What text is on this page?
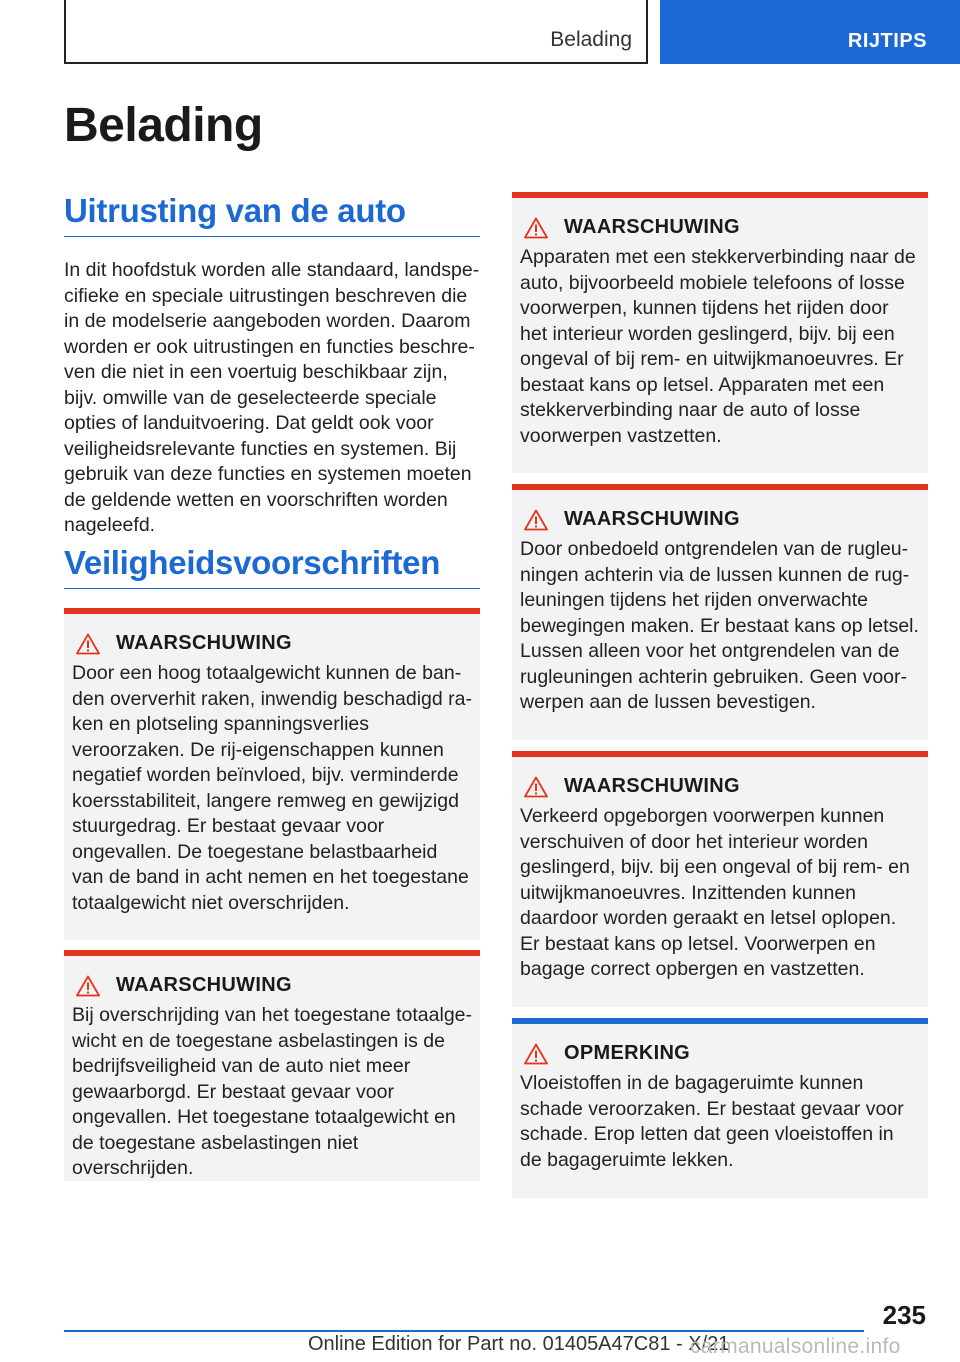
Belading	RIJTIPS
Belading
Uitrusting van de auto

In dit hoofdstuk worden alle standaard, landspecifieke en speciale uitrustingen beschreven die in de modelserie aangeboden worden. Daarom worden er ook uitrustingen en functies beschreven die niet in een voertuig beschikbaar zijn, bijv. omwille van de geselecteerde speciale opties of landuitvoering. Dat geldt ook voor veiligheidsrelevante functies en systemen. Bij gebruik van deze functies en systemen moeten de geldende wetten en voorschriften worden nageleefd.

Veiligheidsvoorschriften
WAARSCHUWING

Door een hoog totaalgewicht kunnen de banden oververhit raken, inwendig beschadigd raken en plotseling spanningsverlies veroorzaken. De rij-eigenschappen kunnen negatief worden beïnvloed, bijv. verminderde koersstabiliteit, langere remweg en gewijzigd stuurgedrag. Er bestaat gevaar voor ongevallen. De toegestane belastbaarheid van de band in acht nemen en het toegestane totaalgewicht niet overschrijden.

WAARSCHUWING

Bij overschrijding van het toegestane totaalgewicht en de toegestane asbelastingen is de bedrijfsveiligheid van de auto niet meer gewaarborgd. Er bestaat gevaar voor ongevallen. Het toegestane totaalgewicht en de toegestane asbelastingen niet overschrijden.

WAARSCHUWING

Apparaten met een stekkerverbinding naar de auto, bijvoorbeeld mobiele telefoons of losse voorwerpen, kunnen tijdens het rijden door het interieur worden geslingerd, bijv. bij een ongeval of bij rem- en uitwijkmanoeuvres. Er bestaat kans op letsel. Apparaten met een stekkerverbinding naar de auto of losse voorwerpen vastzetten.

WAARSCHUWING

Door onbedoeld ontgrendelen van de rugleuningen achterin via de lussen kunnen de rugleuningen tijdens het rijden onverwachte bewegingen maken. Er bestaat kans op letsel. Lussen alleen voor het ontgrendelen van de rugleuningen achterin gebruiken. Geen voorwerpen aan de lussen bevestigen.

WAARSCHUWING

Verkeerd opgeborgen voorwerpen kunnen verschuiven of door het interieur worden geslingerd, bijv. bij een ongeval of bij rem- en uitwijkmanoeuvres. Inzittenden kunnen daardoor worden geraakt en letsel oplopen. Er bestaat kans op letsel. Voorwerpen en bagage correct opbergen en vastzetten.

OPMERKING

Vloeistoffen in de bagageruimte kunnen schade veroorzaken. Er bestaat gevaar voor schade. Erop letten dat geen vloeistoffen in de bagageruimte lekken.

235
Online Edition for Part no. 01405A47C81 - X/21
carmanualsonline.info
